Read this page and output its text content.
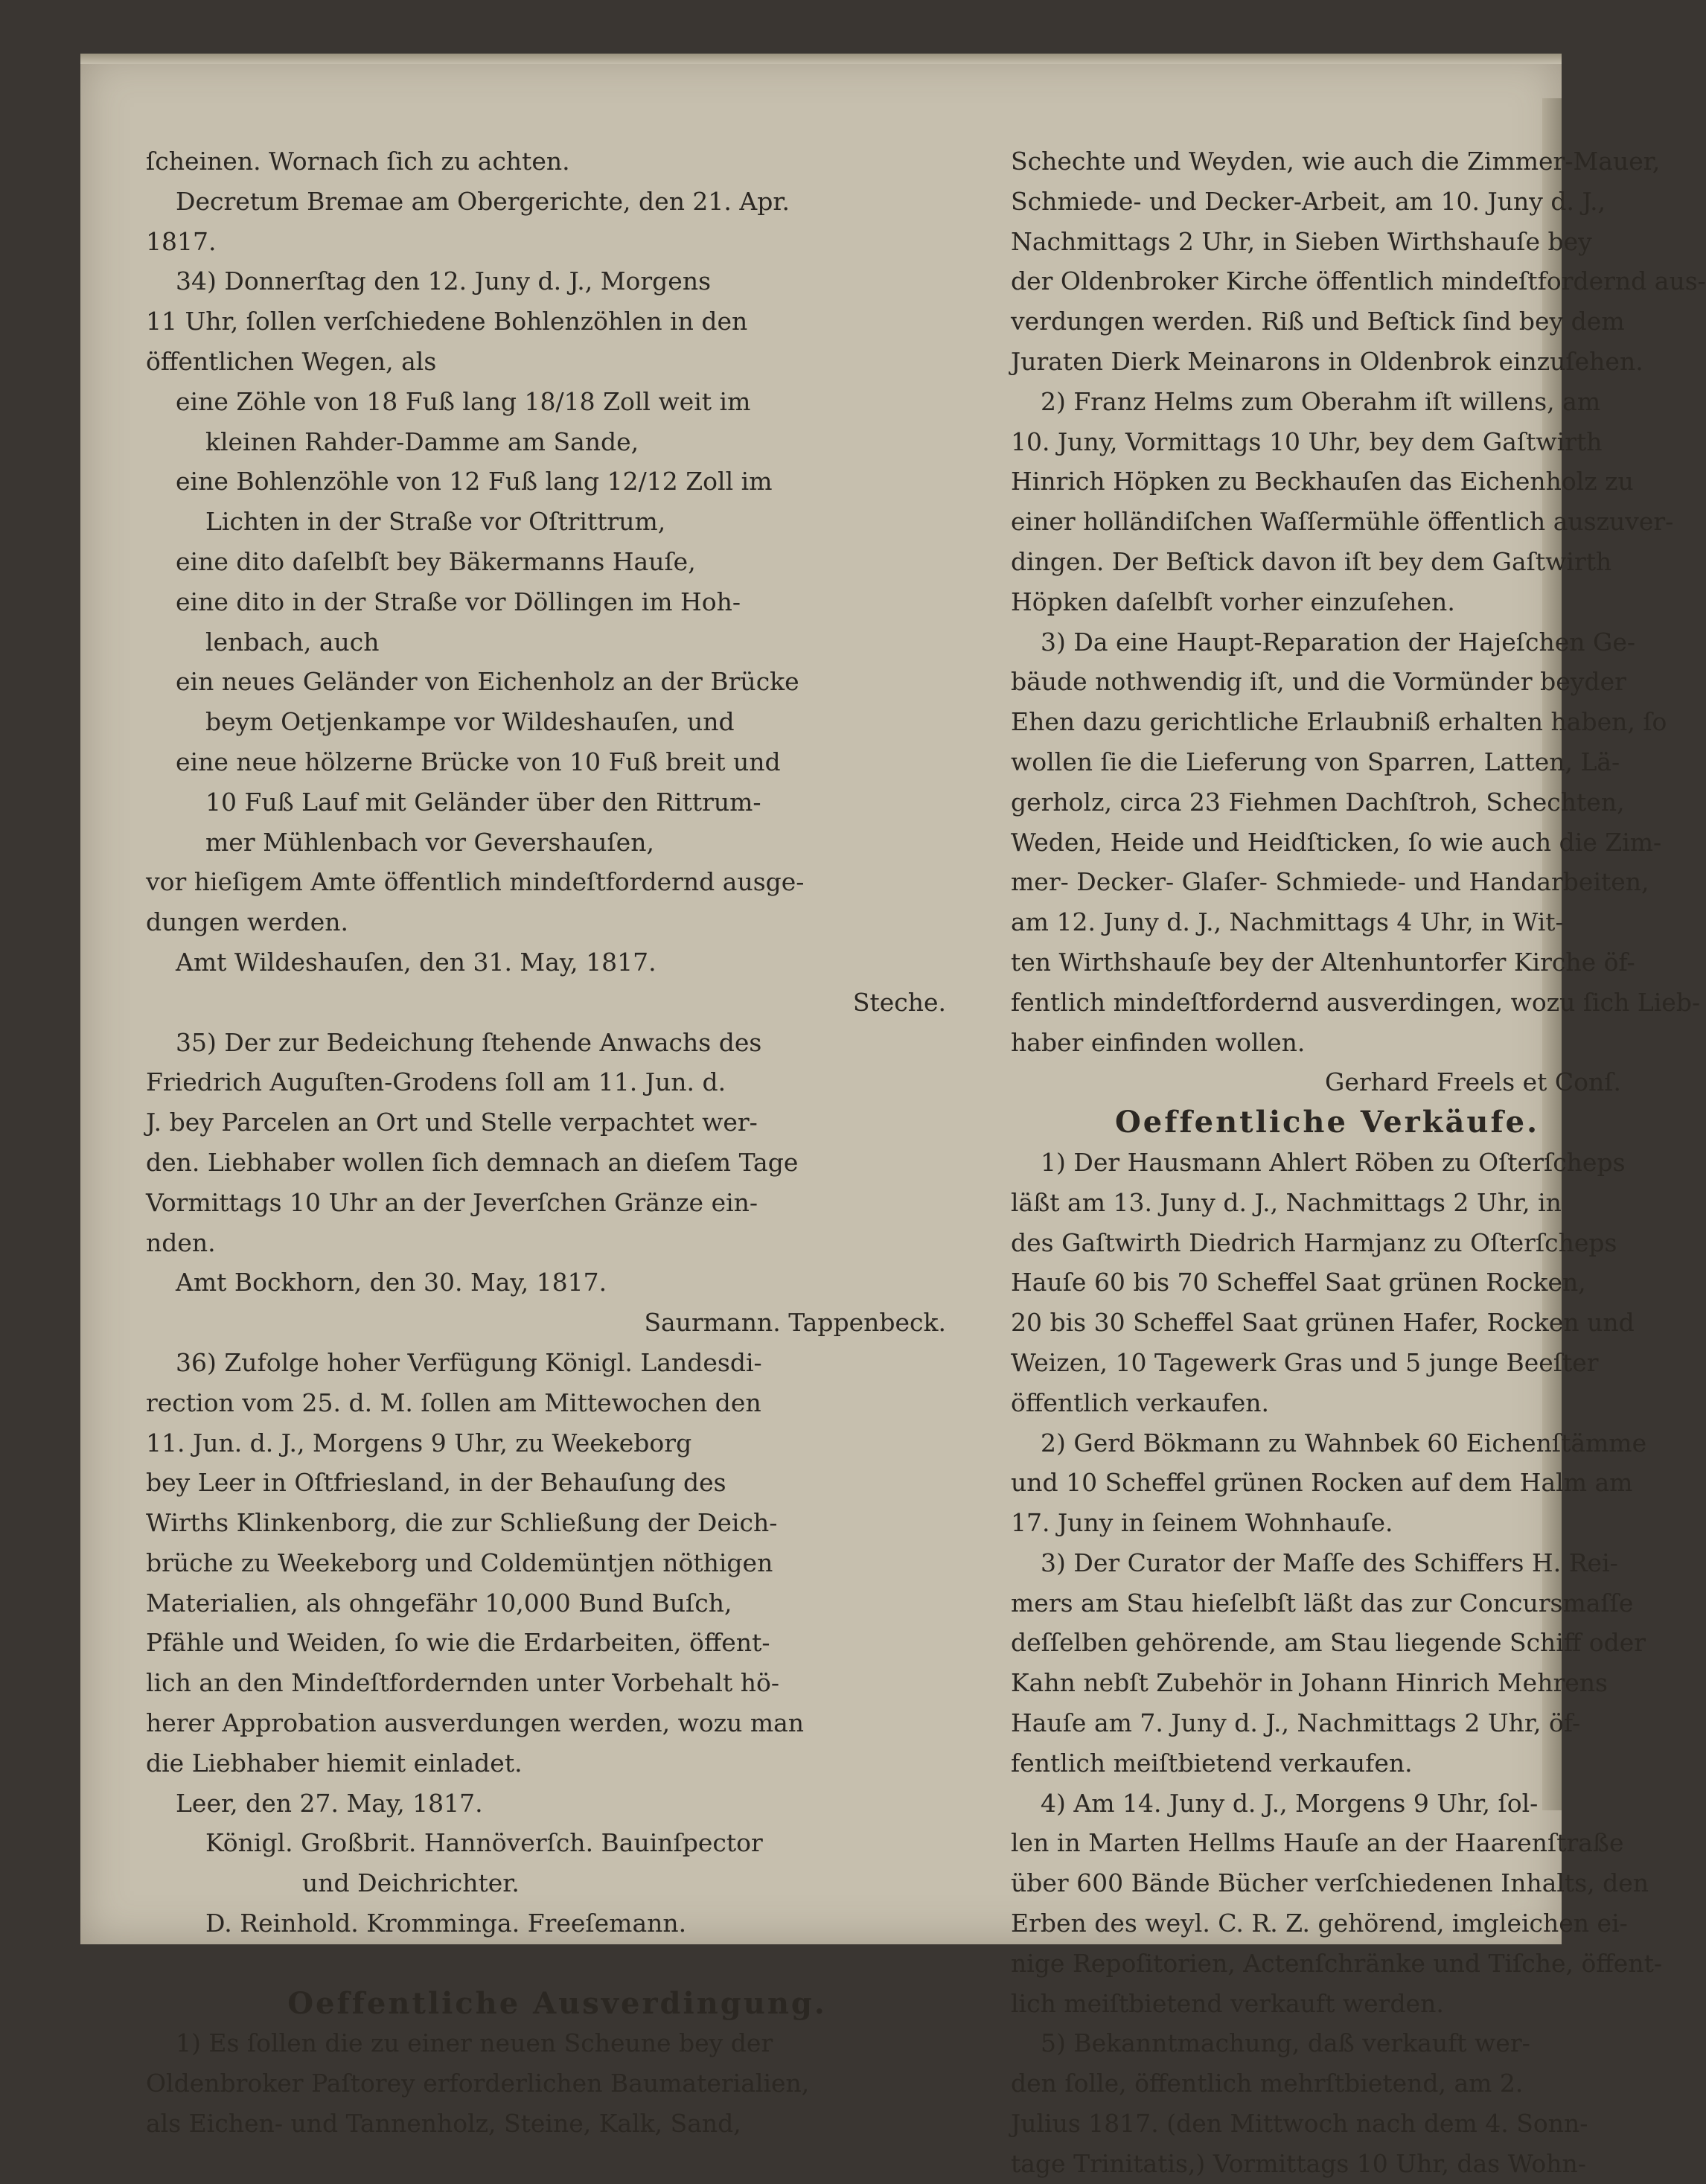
ſcheinen. Wornach ſich zu achten.
Decretum Bremae am Obergerichte, den 21. Apr.
1817.
34) Donnerſtag den 12. Juny d. J., Morgens
11 Uhr, ſollen verſchiedene Bohlenzöhlen in den
öffentlichen Wegen, als
eine Zöhle von 18 Fuß lang 18/18 Zoll weit im
kleinen Rahder-Damme am Sande,
eine Bohlenzöhle von 12 Fuß lang 12/12 Zoll im
Lichten in der Straße vor Oſtrittrum,
eine dito daſelbſt bey Bäkermanns Hauſe,
eine dito in der Straße vor Döllingen im Hoh-
lenbach, auch
ein neues Geländer von Eichenholz an der Brücke
beym Oetjenkampe vor Wildeshauſen, und
eine neue hölzerne Brücke von 10 Fuß breit und
10 Fuß Lauf mit Geländer über den Rittrum-
mer Mühlenbach vor Gevershauſen,
vor hieſigem Amte öffentlich mindeſtfordernd ausge-
dungen werden.
Amt Wildeshauſen, den 31. May, 1817.
Steche.
35) Der zur Bedeichung ſtehende Anwachs des
Friedrich Auguſten-Grodens ſoll am 11. Jun. d.
J. bey Parcelen an Ort und Stelle verpachtet wer-
den. Liebhaber wollen ſich demnach an dieſem Tage
Vormittags 10 Uhr an der Jeverſchen Gränze ein-
nden.
Amt Bockhorn, den 30. May, 1817.
Saurmann. Tappenbeck.
36) Zufolge hoher Verfügung Königl. Landesdi-
rection vom 25. d. M. ſollen am Mittewochen den
11. Jun. d. J., Morgens 9 Uhr, zu Weekeborg
bey Leer in Oſtfriesland, in der Behauſung des
Wirths Klinkenborg, die zur Schließung der Deich-
brüche zu Weekeborg und Coldemüntjen nöthigen
Materialien, als ohngefähr 10,000 Bund Buſch,
Pfähle und Weiden, ſo wie die Erdarbeiten, öffent-
lich an den Mindeſtfordernden unter Vorbehalt hö-
herer Approbation ausverdungen werden, wozu man
die Liebhaber hiemit einladet.
Leer, den 27. May, 1817.
Königl. Großbrit. Hannöverſch. Bauinſpector
und Deichrichter.
D. Reinhold. Kromminga. Freeſemann.
Oeffentliche Ausverdingung.
1) Es ſollen die zu einer neuen Scheune bey der
Oldenbroker Paſtorey erforderlichen Baumaterialien,
als Eichen- und Tannenholz, Steine, Kalk, Sand,
Schechte und Weyden, wie auch die Zimmer-Mauer,
Schmiede- und Decker-Arbeit, am 10. Juny d. J.,
Nachmittags 2 Uhr, in Sieben Wirthshauſe bey
der Oldenbroker Kirche öffentlich mindeſtfordernd aus-
verdungen werden. Riß und Beſtick ſind bey dem
Juraten Dierk Meinarons in Oldenbrok einzuſehen.
2) Franz Helms zum Oberahm iſt willens, am
10. Juny, Vormittags 10 Uhr, bey dem Gaſtwirth
Hinrich Höpken zu Beckhauſen das Eichenholz zu
einer holländiſchen Waſſermühle öffentlich auszuver-
dingen. Der Beſtick davon iſt bey dem Gaſtwirth
Höpken daſelbſt vorher einzuſehen.
3) Da eine Haupt-Reparation der Hajeſchen Ge-
bäude nothwendig iſt, und die Vormünder beyder
Ehen dazu gerichtliche Erlaubniß erhalten haben, ſo
wollen ſie die Lieferung von Sparren, Latten, Lä-
gerholz, circa 23 Fiehmen Dachſtroh, Schechten,
Weden, Heide und Heidſticken, ſo wie auch die Zim-
mer- Decker- Glaſer- Schmiede- und Handarbeiten,
am 12. Juny d. J., Nachmittags 4 Uhr, in Wit-
ten Wirthshauſe bey der Altenhuntorfer Kirche öf-
fentlich mindeſtfordernd ausverdingen, wozu ſich Lieb-
haber einfinden wollen.
Gerhard Freels et Conſ.
Oeffentliche Verkäufe.
1) Der Hausmann Ahlert Röben zu Oſterſcheps
läßt am 13. Juny d. J., Nachmittags 2 Uhr, in
des Gaſtwirth Diedrich Harmjanz zu Oſterſcheps
Hauſe 60 bis 70 Scheffel Saat grünen Rocken,
20 bis 30 Scheffel Saat grünen Hafer, Rocken und
Weizen, 10 Tagewerk Gras und 5 junge Beeſter
öffentlich verkaufen.
2) Gerd Bökmann zu Wahnbek 60 Eichenſtämme
und 10 Scheffel grünen Rocken auf dem Halm am
17. Juny in ſeinem Wohnhauſe.
3) Der Curator der Maſſe des Schiffers H. Rei-
mers am Stau hieſelbſt läßt das zur Concursmaſſe
deſſelben gehörende, am Stau liegende Schiff oder
Kahn nebſt Zubehör in Johann Hinrich Mehrens
Hauſe am 7. Juny d. J., Nachmittags 2 Uhr, öf-
fentlich meiſtbietend verkaufen.
4) Am 14. Juny d. J., Morgens 9 Uhr, ſol-
len in Marten Hellms Hauſe an der Haarenſtraße
über 600 Bände Bücher verſchiedenen Inhalts, den
Erben des weyl. C. R. Z. gehörend, imgleichen ei-
nige Repoſitorien, Actenſchränke und Tiſche, öffent-
lich meiſtbietend verkauft werden.
5) Bekanntmachung, daß verkauft wer-
den ſolle, öffentlich mehrſtbietend, am 2.
Julius 1817. (den Mittwoch nach dem 4. Sonn-
tage Trinitatis,) Vormittags 10 Uhr, das Wohn-
